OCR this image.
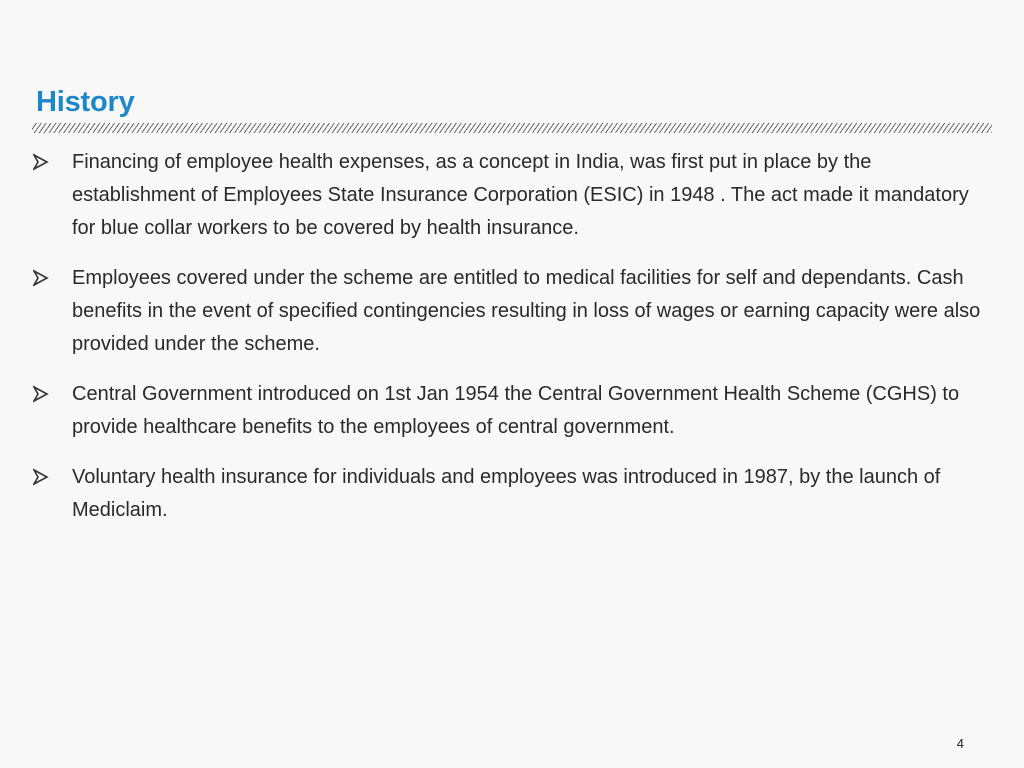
History
Financing of employee health expenses, as a concept in India, was first put in place by the establishment of Employees State Insurance Corporation (ESIC) in 1948 . The act made it mandatory for blue collar workers to be covered by health insurance.
Employees covered under the scheme are entitled to medical facilities for self and dependants. Cash benefits in the event of specified contingencies resulting in loss of wages or earning capacity were also provided under the scheme.
Central Government introduced on 1st Jan 1954 the Central Government Health Scheme (CGHS) to provide healthcare benefits to the employees of central government.
Voluntary health insurance for individuals and employees was introduced in 1987, by the launch of Mediclaim.
4
